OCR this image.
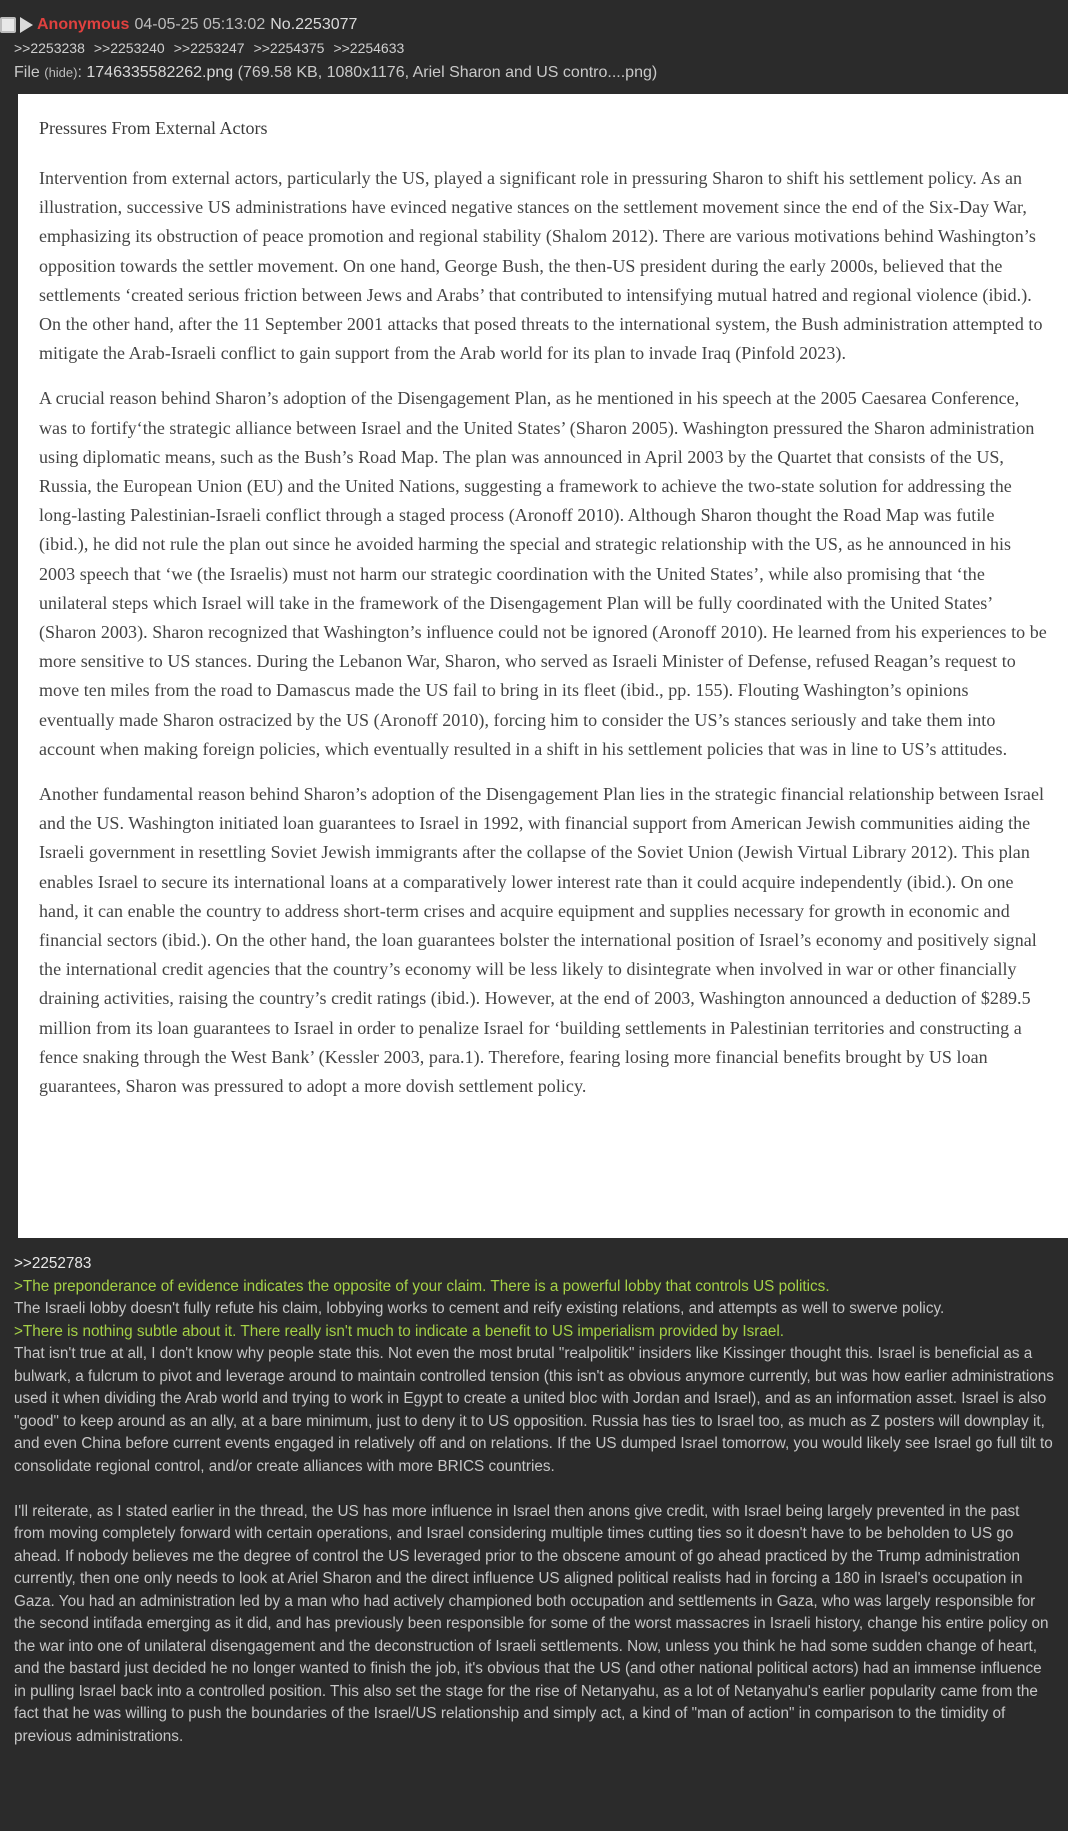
Anonymous 04-05-25 05:13:02 No.2253077
>>2253238 >>2253240 >>2253247 >>2254375 >>2254633
File (hide): 1746335582262.png (769.58 KB, 1080x1176, Ariel Sharon and US contro....png)
Pressures From External Actors

Intervention from external actors, particularly the US, played a significant role in pressuring Sharon to shift his settlement policy. As an illustration, successive US administrations have evinced negative stances on the settlement movement since the end of the Six-Day War, emphasizing its obstruction of peace promotion and regional stability (Shalom 2012). There are various motivations behind Washington’s opposition towards the settler movement. On one hand, George Bush, the then-US president during the early 2000s, believed that the settlements ‘created serious friction between Jews and Arabs’ that contributed to intensifying mutual hatred and regional violence (ibid.). On the other hand, after the 11 September 2001 attacks that posed threats to the international system, the Bush administration attempted to mitigate the Arab-Israeli conflict to gain support from the Arab world for its plan to invade Iraq (Pinfold 2023).

A crucial reason behind Sharon’s adoption of the Disengagement Plan, as he mentioned in his speech at the 2005 Caesarea Conference, was to fortify‘the strategic alliance between Israel and the United States’ (Sharon 2005). Washington pressured the Sharon administration using diplomatic means, such as the Bush’s Road Map. The plan was announced in April 2003 by the Quartet that consists of the US, Russia, the European Union (EU) and the United Nations, suggesting a framework to achieve the two-state solution for addressing the long-lasting Palestinian-Israeli conflict through a staged process (Aronoff 2010). Although Sharon thought the Road Map was futile (ibid.), he did not rule the plan out since he avoided harming the special and strategic relationship with the US, as he announced in his 2003 speech that ‘we (the Israelis) must not harm our strategic coordination with the United States’, while also promising that ‘the unilateral steps which Israel will take in the framework of the Disengagement Plan will be fully coordinated with the United States’ (Sharon 2003). Sharon recognized that Washington’s influence could not be ignored (Aronoff 2010). He learned from his experiences to be more sensitive to US stances. During the Lebanon War, Sharon, who served as Israeli Minister of Defense, refused Reagan’s request to move ten miles from the road to Damascus made the US fail to bring in its fleet (ibid., pp. 155). Flouting Washington’s opinions eventually made Sharon ostracized by the US (Aronoff 2010), forcing him to consider the US’s stances seriously and take them into account when making foreign policies, which eventually resulted in a shift in his settlement policies that was in line to US’s attitudes.

Another fundamental reason behind Sharon’s adoption of the Disengagement Plan lies in the strategic financial relationship between Israel and the US. Washington initiated loan guarantees to Israel in 1992, with financial support from American Jewish communities aiding the Israeli government in resettling Soviet Jewish immigrants after the collapse of the Soviet Union (Jewish Virtual Library 2012). This plan enables Israel to secure its international loans at a comparatively lower interest rate than it could acquire independently (ibid.). On one hand, it can enable the country to address short-term crises and acquire equipment and supplies necessary for growth in economic and financial sectors (ibid.). On the other hand, the loan guarantees bolster the international position of Israel’s economy and positively signal the international credit agencies that the country’s economy will be less likely to disintegrate when involved in war or other financially draining activities, raising the country’s credit ratings (ibid.). However, at the end of 2003, Washington announced a deduction of $289.5 million from its loan guarantees to Israel in order to penalize Israel for ‘building settlements in Palestinian territories and constructing a fence snaking through the West Bank’ (Kessler 2003, para.1). Therefore, fearing losing more financial benefits brought by US loan guarantees, Sharon was pressured to adopt a more dovish settlement policy.

>>2252783

>The preponderance of evidence indicates the opposite of your claim. There is a powerful lobby that controls US politics.

The Israeli lobby doesn't fully refute his claim, lobbying works to cement and reify existing relations, and attempts as well to swerve policy.

>There is nothing subtle about it. There really isn't much to indicate a benefit to US imperialism provided by Israel.

That isn't true at all, I don't know why people state this. Not even the most brutal "realpolitik" insiders like Kissinger thought this. Israel is beneficial as a bulwark, a fulcrum to pivot and leverage around to maintain controlled tension (this isn't as obvious anymore currently, but was how earlier administrations used it when dividing the Arab world and trying to work in Egypt to create a united bloc with Jordan and Israel), and as an information asset. Israel is also "good" to keep around as an ally, at a bare minimum, just to deny it to US opposition. Russia has ties to Israel too, as much as Z posters will downplay it, and even China before current events engaged in relatively off and on relations. If the US dumped Israel tomorrow, you would likely see Israel go full tilt to consolidate regional control, and/or create alliances with more BRICS countries.

I'll reiterate, as I stated earlier in the thread, the US has more influence in Israel then anons give credit, with Israel being largely prevented in the past from moving completely forward with certain operations, and Israel considering multiple times cutting ties so it doesn't have to be beholden to US go ahead. If nobody believes me the degree of control the US leveraged prior to the obscene amount of go ahead practiced by the Trump administration currently, then one only needs to look at Ariel Sharon and the direct influence US aligned political realists had in forcing a 180 in Israel's occupation in Gaza. You had an administration led by a man who had actively championed both occupation and settlements in Gaza, who was largely responsible for the second intifada emerging as it did, and has previously been responsible for some of the worst massacres in Israeli history, change his entire policy on the war into one of unilateral disengagement and the deconstruction of Israeli settlements. Now, unless you think he had some sudden change of heart, and the bastard just decided he no longer wanted to finish the job, it's obvious that the US (and other national political actors) had an immense influence in pulling Israel back into a controlled position. This also set the stage for the rise of Netanyahu, as a lot of Netanyahu's earlier popularity came from the fact that he was willing to push the boundaries of the Israel/US relationship and simply act, a kind of "man of action" in comparison to the timidity of previous administrations.
